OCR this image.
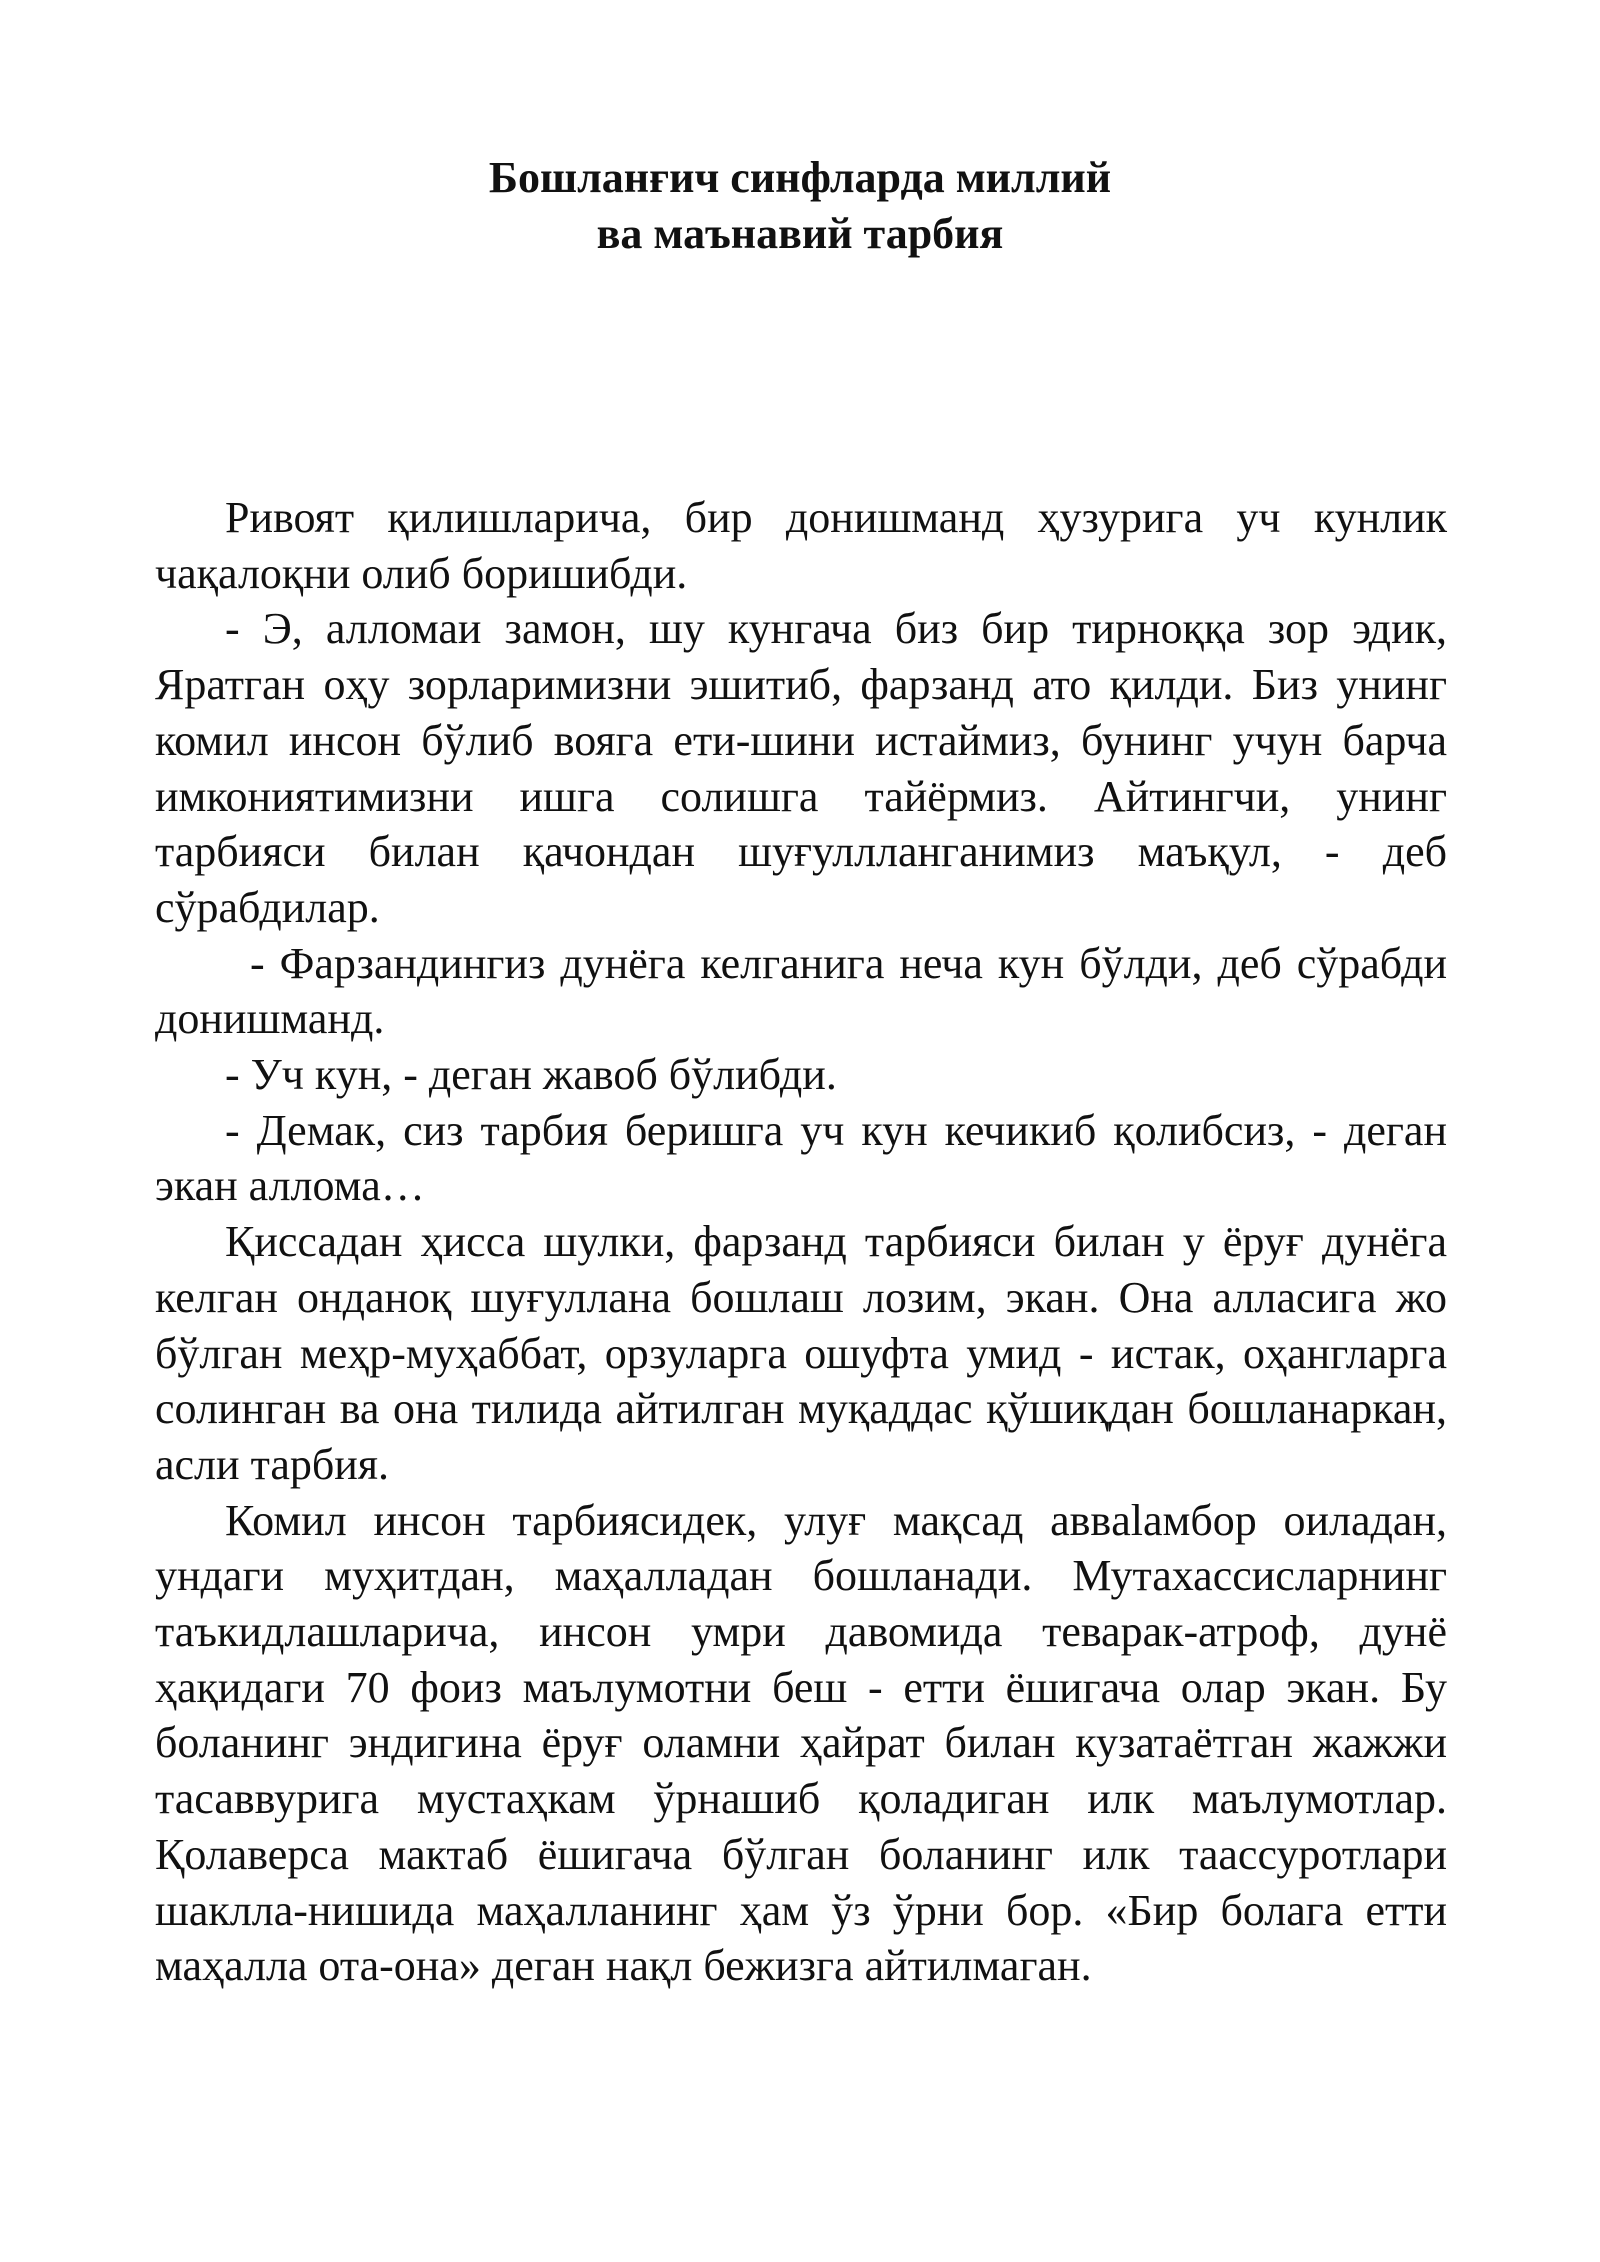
Бошланғич синфларда миллий
ва маънавий тарбия

Ривоят қилишларича, бир донишманд ҳузурига уч кунлик чақалоқни олиб боришибди.

- Э, алломаи замон, шу кунгача биз бир тирноққа зор эдик, Яратган оҳу зорларимизни эшитиб, фарзанд ато қилди. Биз унинг комил инсон бўлиб вояга ети-шини истаймиз, бунинг учун барча имкониятимизни ишга солишга тайёрмиз. Айтингчи, унинг тарбияси билан қачондан шуғуллланганимиз маъқул, - деб сўрабдилар.

- Фарзандингиз дунёга келганига неча кун бўлди, деб сўрабди донишманд.

- Уч кун, - деган жавоб бўлибди.

- Демак, сиз тарбия беришга уч кун кечикиб қолибсиз, - деган экан аллома…

Қиссадан ҳисса шулки, фарзанд тарбияси билан у ёруғ дунёга келган онданоқ шуғуллана бошлаш лозим, экан. Она алласига жо бўлган меҳр-муҳаббат, орзуларга ошуфта умид - истак, оҳангларга солинган ва она тилида айтилган муқаддас қўшиқдан бошланаркан, асли тарбия.

Комил инсон тарбиясидек, улуғ мақсад аввalамбор оиладан, ундаги муҳитдан, маҳалладан бошланади. Мутахассисларнинг таъкидлашларича, инсон умри давомида теварак-атроф, дунё ҳақидаги 70 фоиз маълумотни беш - етти ёшигача олар экан. Бу боланинг эндигина ёруғ оламни ҳайрат билан кузатаётган жажжи тасаввурига мустаҳкам ўрнашиб қоладиган илк маълумотлар. Қолаверса мактаб ёшигача бўлган боланинг илк таассуротлари шаклла-нишида маҳалланинг ҳам ўз ўрни бор. «Бир болага етти маҳалла ота-она» деган нақл бежизга айтилмаган.
